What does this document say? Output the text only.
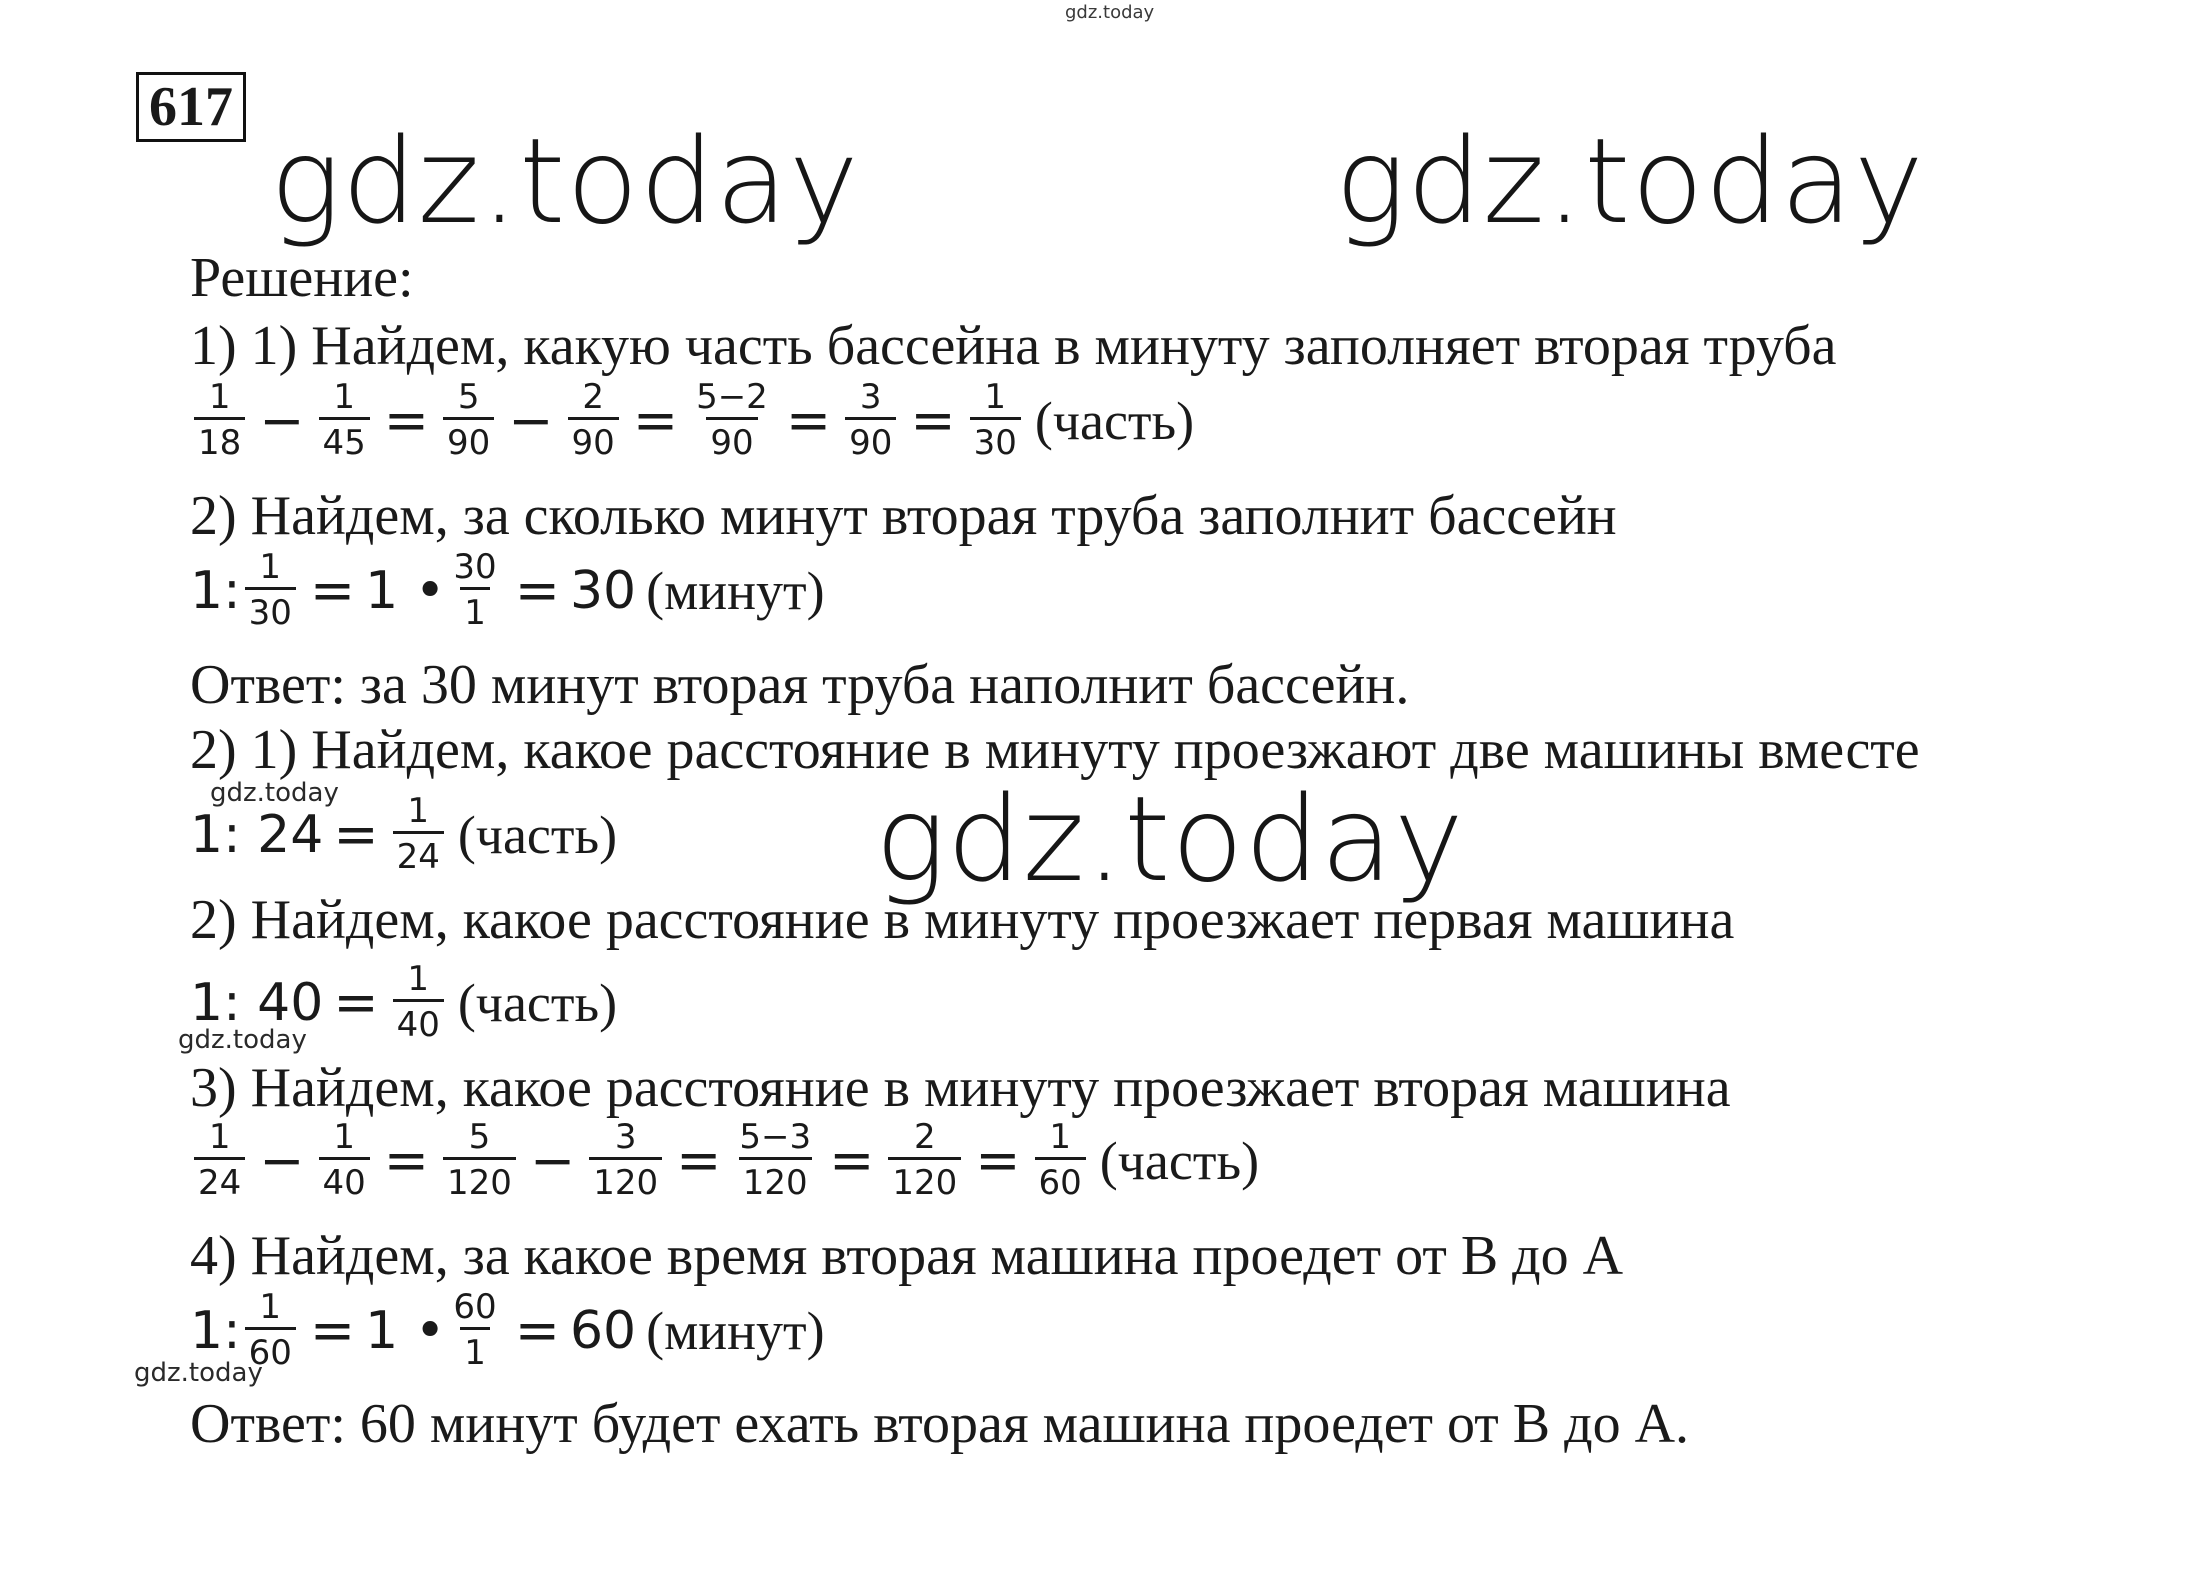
gdz.today
gdz.today	gdz.today
gdz.today
gdz.today
gdz.today
gdz.today
617
Решение:
1) 1) Найдем, какую часть бассейна в минуту заполняет вторая труба
$\frac{1}{18} - \frac{1}{45} = \frac{5}{90} - \frac{2}{90} = \frac{5-2}{90} = \frac{3}{90} = \frac{1}{30}$ (часть)
2) Найдем, за сколько минут вторая труба заполнит бассейн
1: $\frac{1}{30} = 1$ • $\frac{30}{1} = 30$ (минут)
Ответ: за 30 минут вторая труба наполнит бассейн.
2) 1) Найдем, какое расстояние в минуту проезжают две машины вместе
1: $24 = \frac{1}{24}$ (часть)
2) Найдем, какое расстояние в минуту проезжает первая машина
1: $40 = \frac{1}{40}$ (часть)
3) Найдем, какое расстояние в минуту проезжает вторая машина
$\frac{1}{24} - \frac{1}{40} = \frac{5}{120} - \frac{3}{120} = \frac{5-3}{120} = \frac{2}{120} = \frac{1}{60}$ (часть)
4) Найдем, за какое время вторая машина проедет от В до А
1: $\frac{1}{60} = 1$ • $\frac{60}{1} = 60$ (минут)
Ответ: 60 минут будет ехать вторая машина проедет от В до А.
